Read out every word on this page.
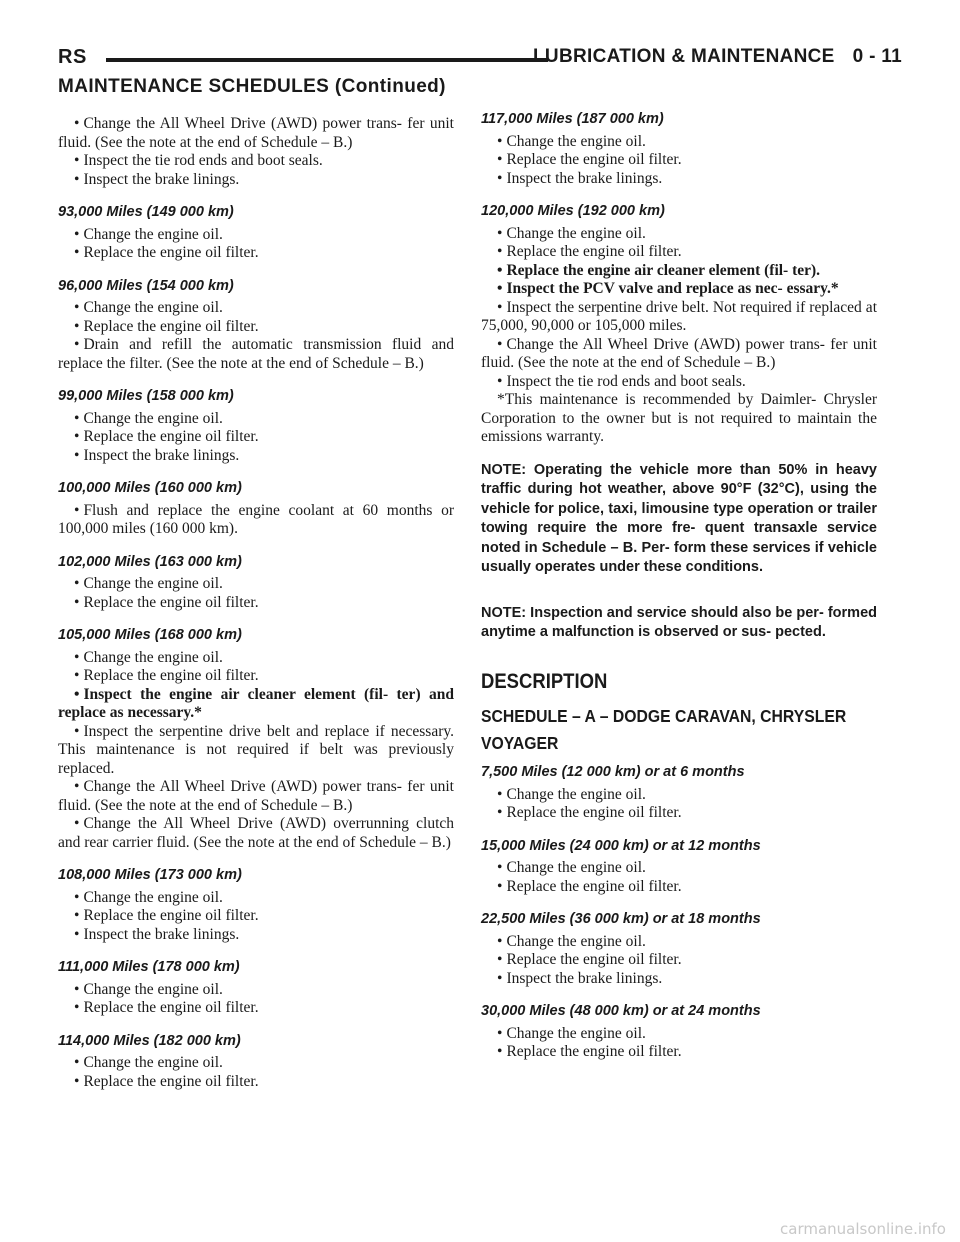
RS	LUBRICATION & MAINTENANCE 0 - 11
MAINTENANCE SCHEDULES (Continued)

• Change the All Wheel Drive (AWD) power trans- fer unit fluid. (See the note at the end of Schedule – B.)

• Inspect the tie rod ends and boot seals.

• Inspect the brake linings.

93,000 Miles (149 000 km)

• Change the engine oil.

• Replace the engine oil filter.

96,000 Miles (154 000 km)

• Change the engine oil.

• Replace the engine oil filter.

• Drain and refill the automatic transmission fluid and replace the filter. (See the note at the end of Schedule – B.)

99,000 Miles (158 000 km)

• Change the engine oil.

• Replace the engine oil filter.

• Inspect the brake linings.

100,000 Miles (160 000 km)

• Flush and replace the engine coolant at 60 months or 100,000 miles (160 000 km).

102,000 Miles (163 000 km)

• Change the engine oil.

• Replace the engine oil filter.

105,000 Miles (168 000 km)

• Change the engine oil.

• Replace the engine oil filter.

• Inspect the engine air cleaner element (fil- ter) and replace as necessary.*

• Inspect the serpentine drive belt and replace if necessary. This maintenance is not required if belt was previously replaced.

• Change the All Wheel Drive (AWD) power trans- fer unit fluid. (See the note at the end of Schedule – B.)

• Change the All Wheel Drive (AWD) overrunning clutch and rear carrier fluid. (See the note at the end of Schedule – B.)

108,000 Miles (173 000 km)

• Change the engine oil.

• Replace the engine oil filter.

• Inspect the brake linings.

111,000 Miles (178 000 km)

• Change the engine oil.

• Replace the engine oil filter.

114,000 Miles (182 000 km)

• Change the engine oil.

• Replace the engine oil filter.

117,000 Miles (187 000 km)

• Change the engine oil.

• Replace the engine oil filter.

• Inspect the brake linings.

120,000 Miles (192 000 km)

• Change the engine oil.

• Replace the engine oil filter.

• Replace the engine air cleaner element (fil- ter).

• Inspect the PCV valve and replace as nec- essary.*

• Inspect the serpentine drive belt. Not required if replaced at 75,000, 90,000 or 105,000 miles.

• Change the All Wheel Drive (AWD) power trans- fer unit fluid. (See the note at the end of Schedule – B.)

• Inspect the tie rod ends and boot seals.

*This maintenance is recommended by Daimler- Chrysler Corporation to the owner but is not required to maintain the emissions warranty.

NOTE: Operating the vehicle more than 50% in heavy traffic during hot weather, above 90°F (32°C), using the vehicle for police, taxi, limousine type operation or trailer towing require the more fre- quent transaxle service noted in Schedule – B. Per- form these services if vehicle usually operates under these conditions.

NOTE: Inspection and service should also be per- formed anytime a malfunction is observed or sus- pected.

DESCRIPTION
SCHEDULE – A – DODGE CARAVAN, CHRYSLER VOYAGER
7,500 Miles (12 000 km) or at 6 months

• Change the engine oil.

• Replace the engine oil filter.

15,000 Miles (24 000 km) or at 12 months

• Change the engine oil.

• Replace the engine oil filter.

22,500 Miles (36 000 km) or at 18 months

• Change the engine oil.

• Replace the engine oil filter.

• Inspect the brake linings.

30,000 Miles (48 000 km) or at 24 months

• Change the engine oil.

• Replace the engine oil filter.

carmanualsonline.info
